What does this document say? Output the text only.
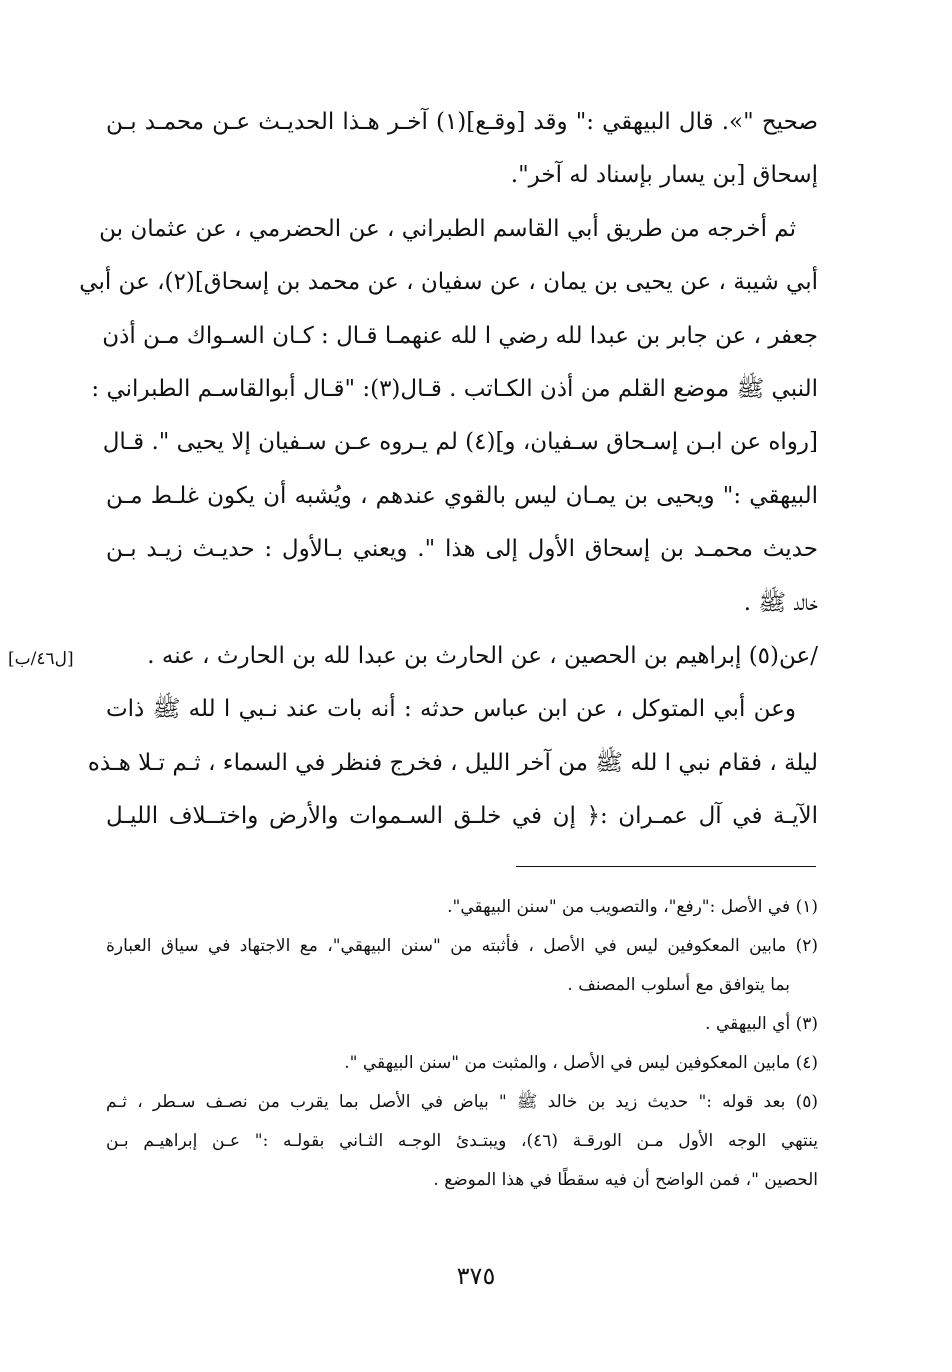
صحيح "». قال البيهقي :" وقد [وقـع](١) آخـر هـذا الحديـث عـن محمـد بـن
إسحاق [بن يسار بإسناد له آخر".
ثم أخرجه من طريق أبي القاسم الطبراني ، عن الحضرمي ، عن عثمان بن
أبي شيبة ، عن يحيى بن يمان ، عن سفيان ، عن محمد بن إسحاق](٢)، عن أبي
جعفر ، عن جابر بن عبدا لله رضي ا لله عنهمـا قـال : كـان السـواك مـن أذن
النبي ﷺ موضع القلم من أذن الكـاتب . قـال(٣): "قـال أبوالقاسـم الطبراني :
[رواه عن ابـن إسـحاق سـفيان، و](٤) لم يـروه عـن سـفيان إلا يحيى ". قـال
البيهقي :" ويحيى بن يمـان ليس بالقوي عندهم ، ويُشبه أن يكون غلـط مـن
حديث محمـد بن إسحاق الأول إلى هذا ". ويعني بـالأول : حديـث زيـد بـن
خالد ﷺ .
/عن(٥) إبراهيم بن الحصين ، عن الحارث بن عبدا لله بن الحارث ، عنه .
وعن أبي المتوكل ، عن ابن عباس حدثه : أنه بات عند نـبي ا لله ﷺ ذات
ليلة ، فقام نبي ا لله ﷺ من آخر الليل ، فخرج فنظر في السماء ، ثـم تـلا هـذه
الآيـة في آل عمـران :﴿ إن في خلـق السـموات والأرض واختــلاف الليـل
[ل٤٦/ب]
(١) في الأصل :"رفع"، والتصويب من "سنن البيهقي".
(٢) مابين المعكوفين ليس في الأصل ، فأثبته من "سنن البيهقي"، مع الاجتهاد في سياق العبارة
بما يتوافق مع أسلوب المصنف .
(٣) أي البيهقي .
(٤) مابين المعكوفين ليس في الأصل ، والمثبت من "سنن البيهقي ".
(٥) بعد قوله :" حديث زيد بن خالد ﷺ " بياض في الأصل بما يقرب من نصـف سـطر ، ثـم
ينتهي الوجه الأول مـن الورقـة (٤٦)، ويبتـدئ الوجـه الثـاني بقولـه :" عـن إبراهيـم بـن
الحصين "، فمن الواضح أن فيه سقطًا في هذا الموضع .
٣٧٥
